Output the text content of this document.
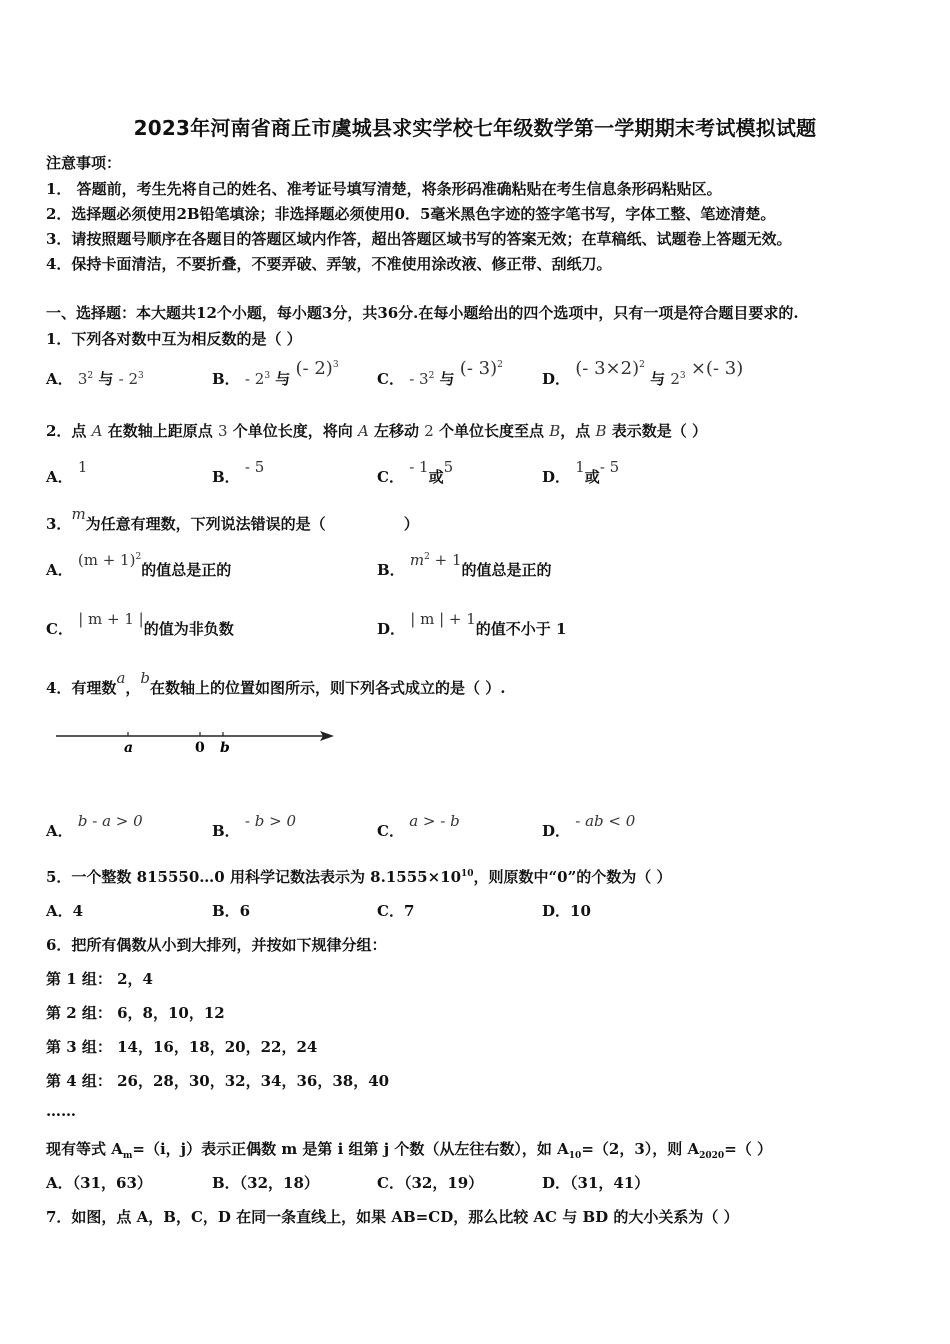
2023年河南省商丘市虞城县求实学校七年级数学第一学期期末考试模拟试题
注意事项：
1． 答题前，考生先将自己的姓名、准考证号填写清楚，将条形码准确粘贴在考生信息条形码粘贴区。
2．选择题必须使用2B铅笔填涂；非选择题必须使用0．5毫米黑色字迹的签字笔书写，字体工整、笔迹清楚。
3．请按照题号顺序在各题目的答题区域内作答，超出答题区域书写的答案无效；在草稿纸、试题卷上答题无效。
4．保持卡面清洁，不要折叠，不要弄破、弄皱，不准使用涂改液、修正带、刮纸刀。
一、选择题：本大题共12个小题，每小题3分，共36分.在每小题给出的四个选项中，只有一项是符合题目要求的.
1．下列各对数中互为相反数的是（ ）
A． $3^2$ 与 - $2^3$	B． - $2^3$ 与 (- 2)$^3$
C． - $3^2$ 与 (- 3)$^2$
D． (- 3×2)$^2$ 与 $2^3$ ×(- 3)
2．点 A 在数轴上距原点 3 个单位长度，将向 A 左移动 2 个单位长度至点 B，点 B 表示数是（ ）
A． 1
B． - 5
C． - 1或5
D． 1或- 5
3．m为任意有理数，下列说法错误的是（	）
A． $(m + 1)^2$的值总是正的	B． $m^2 + 1$的值总是正的
C． | m + 1 |的值为非负数	D． | m | + 1的值不小于 1
4．有理数a，b在数轴上的位置如图所示，则下列各式成立的是（ ）.
a	0 b
A． b - a > 0
B． - b > 0
C． a > - b
D． - ab < 0
5．一个整数 815550…0 用科学记数法表示为 $8.1555\times 10^{10}$，则原数中“0”的个数为（ ）
A．4	B．6	C．7	D．10
6．把所有偶数从小到大排列，并按如下规律分组：
第 1 组： 2，4
第 2 组： 6，8，10，12
第 3 组： 14，16，18，20，22，24
第 4 组： 26，28，30，32，34，36，38，40
……
现有等式 $A_m=(i$，j）表示正偶数 m 是第 i 组第 j 个数（从左往右数），如 $A_{10}=(2$，3），则 $A_{2020}=$（ ）
A．（31，63）	B．（32，18）	C．（32，19）	D．（31，41）
7．如图，点 A，B，C，D 在同一条直线上，如果 AB=CD，那么比较 AC 与 BD 的大小关系为（ ）
